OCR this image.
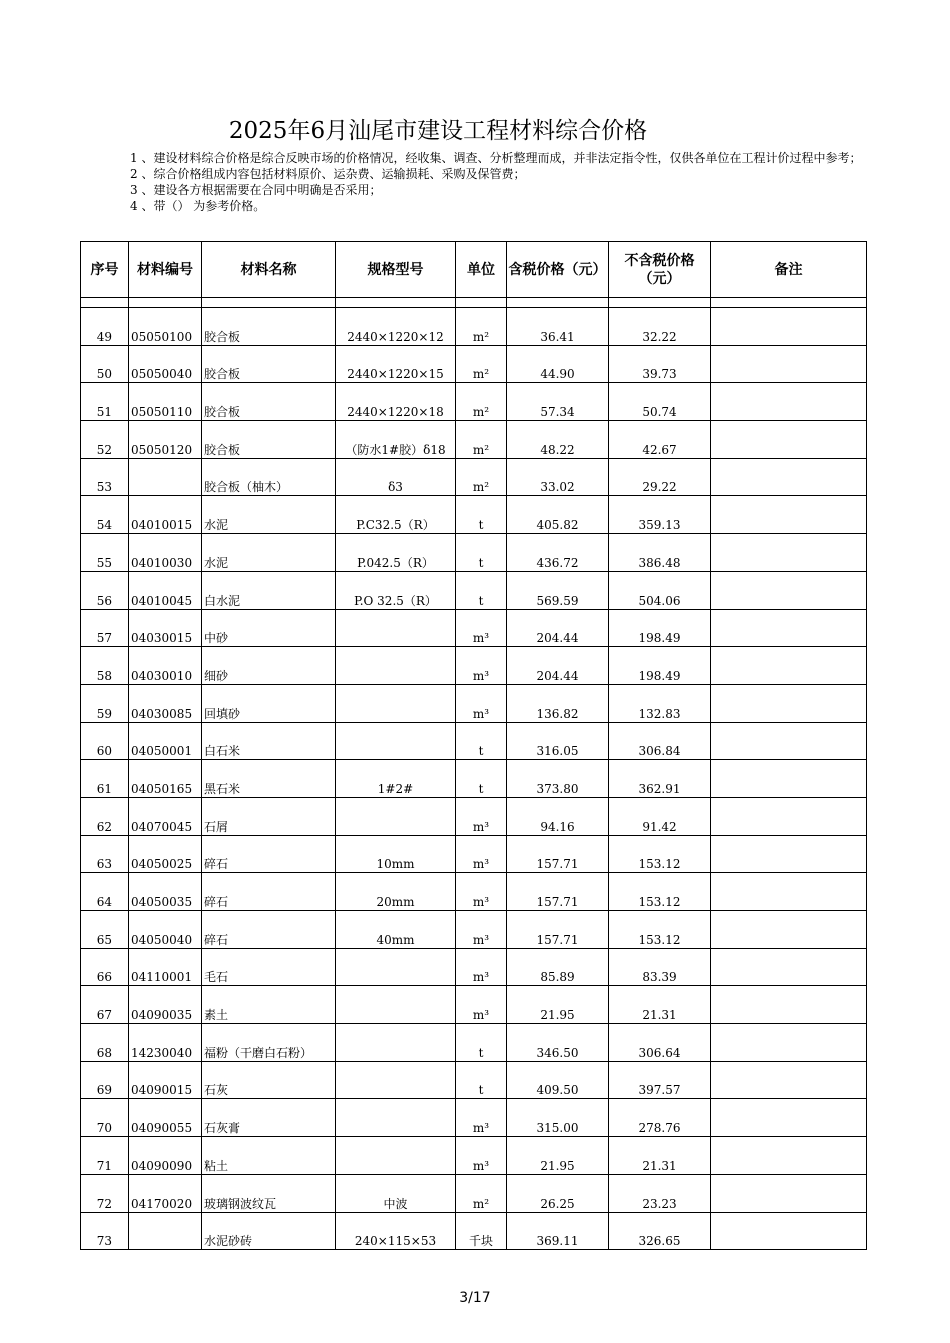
2025年6月汕尾市建设工程材料综合价格
1 、建设材料综合价格是综合反映市场的价格情况，经收集、调查、分析整理而成，并非法定指令性，仅供各单位在工程计价过程中参考；
2 、综合价格组成内容包括材料原价、运杂费、运输损耗、采购及保管费；
3 、建设各方根据需要在合同中明确是否采用；
4 、带（） 为参考价格。
序号	材料编号	材料名称	规格型号	单位	含税价格（元）	不含税价格（元）	备注

49	05050100	胶合板	2440×1220×12	m²	36.41	32.22	
50	05050040	胶合板	2440×1220×15	m²	44.90	39.73	
51	05050110	胶合板	2440×1220×18	m²	57.34	50.74	
52	05050120	胶合板	（防水1#胶）δ18	m²	48.22	42.67	
53		胶合板（柚木）	δ3	m²	33.02	29.22	
54	04010015	水泥	P.C32.5（R）	t	405.82	359.13	
55	04010030	水泥	P.042.5（R）	t	436.72	386.48	
56	04010045	白水泥	P.O 32.5（R）	t	569.59	504.06	
57	04030015	中砂		m³	204.44	198.49	
58	04030010	细砂		m³	204.44	198.49	
59	04030085	回填砂		m³	136.82	132.83	
60	04050001	白石米		t	316.05	306.84	
61	04050165	黑石米	1#2#	t	373.80	362.91	
62	04070045	石屑		m³	94.16	91.42	
63	04050025	碎石	10mm	m³	157.71	153.12	
64	04050035	碎石	20mm	m³	157.71	153.12	
65	04050040	碎石	40mm	m³	157.71	153.12	
66	04110001	毛石		m³	85.89	83.39	
67	04090035	素土		m³	21.95	21.31	
68	14230040	福粉（干磨白石粉）		t	346.50	306.64	
69	04090015	石灰		t	409.50	397.57	
70	04090055	石灰膏		m³	315.00	278.76	
71	04090090	粘土		m³	21.95	21.31	
72	04170020	玻璃钢波纹瓦	中波	m²	26.25	23.23	
73		水泥砂砖	240×115×53	千块	369.11	326.65	
3/17
